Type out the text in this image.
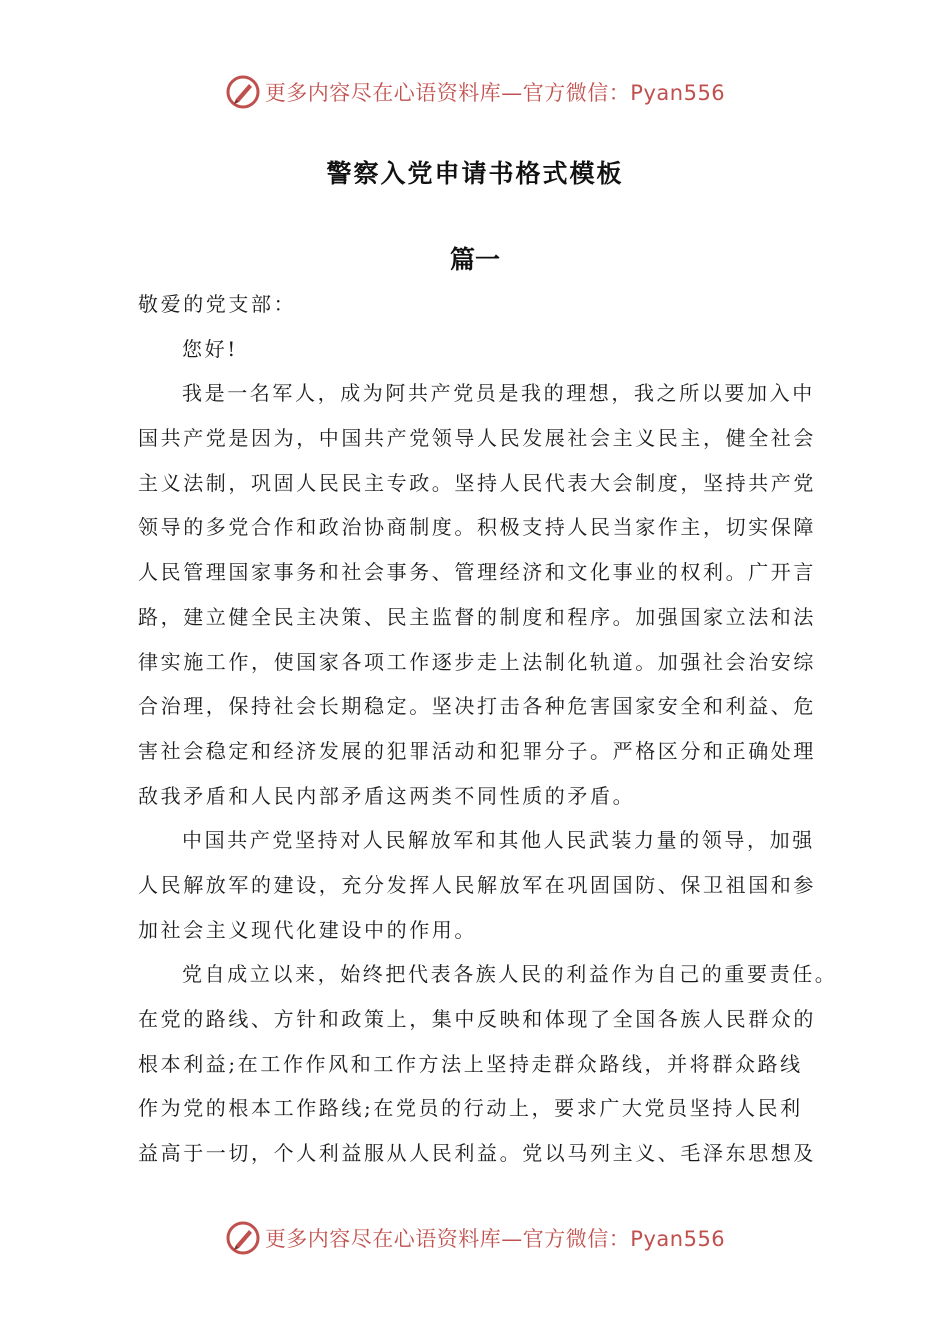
更多内容尽在心语资料库—官方微信：Pyan556
警察入党申请书格式模板
篇一
敬爱的党支部：
您好!
我是一名军人，成为阿共产党员是我的理想，我之所以要加入中
国共产党是因为，中国共产党领导人民发展社会主义民主，健全社会
主义法制，巩固人民民主专政。坚持人民代表大会制度，坚持共产党
领导的多党合作和政治协商制度。积极支持人民当家作主，切实保障
人民管理国家事务和社会事务、管理经济和文化事业的权利。广开言
路，建立健全民主决策、民主监督的制度和程序。加强国家立法和法
律实施工作，使国家各项工作逐步走上法制化轨道。加强社会治安综
合治理，保持社会长期稳定。坚决打击各种危害国家安全和利益、危
害社会稳定和经济发展的犯罪活动和犯罪分子。严格区分和正确处理
敌我矛盾和人民内部矛盾这两类不同性质的矛盾。
中国共产党坚持对人民解放军和其他人民武装力量的领导，加强
人民解放军的建设，充分发挥人民解放军在巩固国防、保卫祖国和参
加社会主义现代化建设中的作用。
党自成立以来，始终把代表各族人民的利益作为自己的重要责任。
在党的路线、方针和政策上，集中反映和体现了全国各族人民群众的
根本利益;在工作作风和工作方法上坚持走群众路线，并将群众路线
作为党的根本工作路线;在党员的行动上，要求广大党员坚持人民利
益高于一切，个人利益服从人民利益。党以马列主义、毛泽东思想及
更多内容尽在心语资料库—官方微信：Pyan556
